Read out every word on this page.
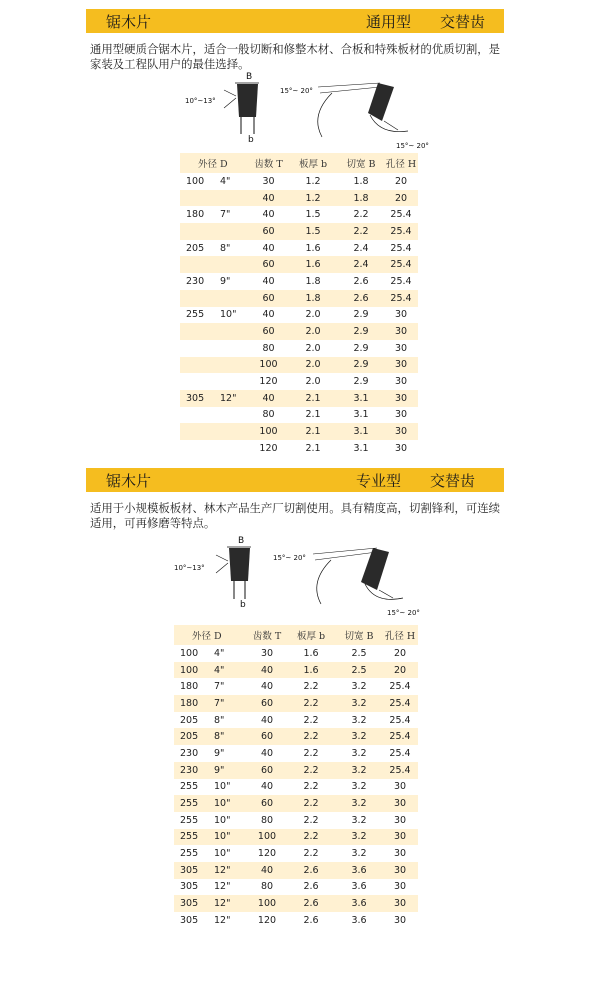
锯木片	通用型 交替齿

通用型硬质合锯木片，适合一般切断和修整木材、合板和特殊板材的优质切割，是家装及工程队用户的最佳选择。

B
b
10°~13°
15°~ 20°
15°~ 20°
外径 D		齿数 T	板厚 b	切宽 B	孔径 H
100	4"	30	1.2	1.8	20
		40	1.2	1.8	20
180	7"	40	1.5	2.2	25.4
		60	1.5	2.2	25.4
205	8"	40	1.6	2.4	25.4
		60	1.6	2.4	25.4
230	9"	40	1.8	2.6	25.4
		60	1.8	2.6	25.4
255	10"	40	2.0	2.9	30
		60	2.0	2.9	30
		80	2.0	2.9	30
		100	2.0	2.9	30
		120	2.0	2.9	30
305	12"	40	2.1	3.1	30
		80	2.1	3.1	30
		100	2.1	3.1	30
		120	2.1	3.1	30
锯木片	专业型 交替齿

适用于小规模板板材、林木产品生产厂切割使用。具有精度高，切割锋利，可连续适用，可再修磨等特点。

B
b
10°~13°
15°~ 20°
15°~ 20°
外径 D		齿数 T	板厚 b	切宽 B	孔径 H
100	4"	30	1.6	2.5	20
100	4"	40	1.6	2.5	20
180	7"	40	2.2	3.2	25.4
180	7"	60	2.2	3.2	25.4
205	8"	40	2.2	3.2	25.4
205	8"	60	2.2	3.2	25.4
230	9"	40	2.2	3.2	25.4
230	9"	60	2.2	3.2	25.4
255	10"	40	2.2	3.2	30
255	10"	60	2.2	3.2	30
255	10"	80	2.2	3.2	30
255	10"	100	2.2	3.2	30
255	10"	120	2.2	3.2	30
305	12"	40	2.6	3.6	30
305	12"	80	2.6	3.6	30
305	12"	100	2.6	3.6	30
305	12"	120	2.6	3.6	30
